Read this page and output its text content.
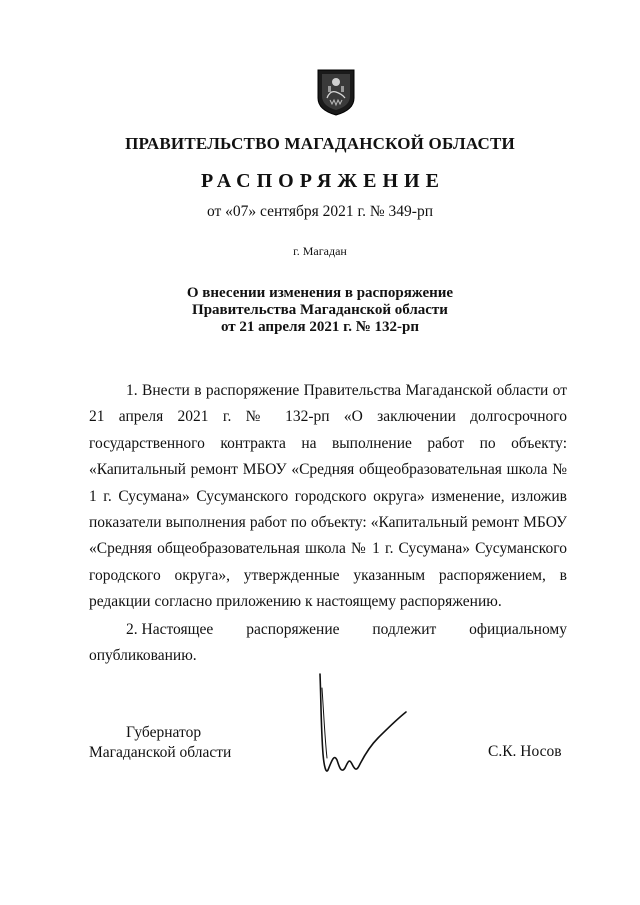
ПРАВИТЕЛЬСТВО МАГАДАНСКОЙ ОБЛАСТИ
РАСПОРЯЖЕНИЕ
от «07» сентября 2021 г. № 349-рп
г. Магадан
О внесении изменения в распоряжение
Правительства Магаданской области
от 21 апреля 2021 г. № 132-рп

1. Внести в распоряжение Правительства Магаданской области от 21 апреля 2021 г. № 132-рп «О заключении долгосрочного государственного контракта на выполнение работ по объекту: «Капитальный ремонт МБОУ «Средняя общеобразовательная школа № 1 г. Сусумана» Сусуманского городского округа» изменение, изложив показатели выполнения работ по объекту: «Капитальный ремонт МБОУ «Средняя общеобразовательная школа № 1 г. Сусумана» Сусуманского городского округа», утвержденные указанным распоряжением, в редакции согласно приложению к настоящему распоряжению.

2. Настоящее распоряжение подлежит официальному
опубликованию.
Губернатор
Магаданской области	С.К. Носов
